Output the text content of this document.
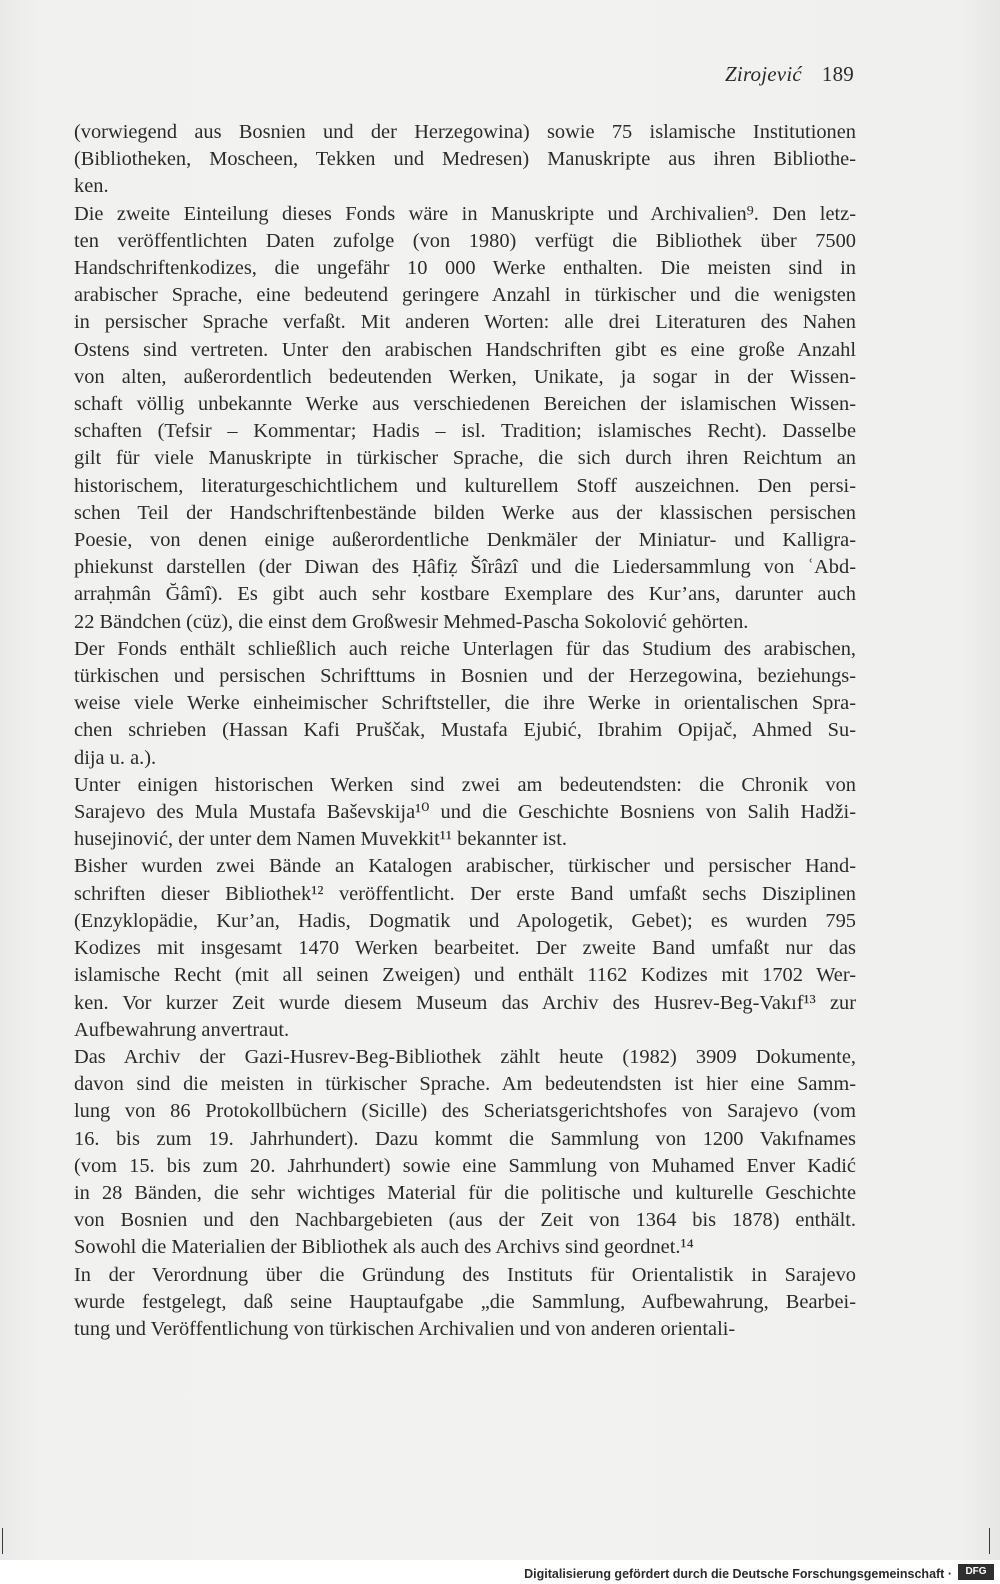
Zirojević 189
(vorwiegend aus Bosnien und der Herzegowina) sowie 75 islamische Institutionen
(Bibliotheken, Moscheen, Tekken und Medresen) Manuskripte aus ihren Bibliothe-
ken.
Die zweite Einteilung dieses Fonds wäre in Manuskripte und Archivalien⁹. Den letz-
ten veröffentlichten Daten zufolge (von 1980) verfügt die Bibliothek über 7500
Handschriftenkodizes, die ungefähr 10 000 Werke enthalten. Die meisten sind in
arabischer Sprache, eine bedeutend geringere Anzahl in türkischer und die wenigsten
in persischer Sprache verfaßt. Mit anderen Worten: alle drei Literaturen des Nahen
Ostens sind vertreten. Unter den arabischen Handschriften gibt es eine große Anzahl
von alten, außerordentlich bedeutenden Werken, Unikate, ja sogar in der Wissen-
schaft völlig unbekannte Werke aus verschiedenen Bereichen der islamischen Wissen-
schaften (Tefsir – Kommentar; Hadis – isl. Tradition; islamisches Recht). Dasselbe
gilt für viele Manuskripte in türkischer Sprache, die sich durch ihren Reichtum an
historischem, literaturgeschichtlichem und kulturellem Stoff auszeichnen. Den persi-
schen Teil der Handschriftenbestände bilden Werke aus der klassischen persischen
Poesie, von denen einige außerordentliche Denkmäler der Miniatur- und Kalligra-
phiekunst darstellen (der Diwan des Ḥâfiẓ Šîrâzî und die Liedersammlung von ʿAbd-
arraḥmân Ğâmî). Es gibt auch sehr kostbare Exemplare des Kur’ans, darunter auch
22 Bändchen (cüz), die einst dem Großwesir Mehmed-Pascha Sokolović gehörten.
Der Fonds enthält schließlich auch reiche Unterlagen für das Studium des arabischen,
türkischen und persischen Schrifttums in Bosnien und der Herzegowina, beziehungs-
weise viele Werke einheimischer Schriftsteller, die ihre Werke in orientalischen Spra-
chen schrieben (Hassan Kafi Pruščak, Mustafa Ejubić, Ibrahim Opijač, Ahmed Su-
dija u. a.).
Unter einigen historischen Werken sind zwei am bedeutendsten: die Chronik von
Sarajevo des Mula Mustafa Baševskija¹⁰ und die Geschichte Bosniens von Salih Hadži-
husejinović, der unter dem Namen Muvekkit¹¹ bekannter ist.
Bisher wurden zwei Bände an Katalogen arabischer, türkischer und persischer Hand-
schriften dieser Bibliothek¹² veröffentlicht. Der erste Band umfaßt sechs Disziplinen
(Enzyklopädie, Kur’an, Hadis, Dogmatik und Apologetik, Gebet); es wurden 795
Kodizes mit insgesamt 1470 Werken bearbeitet. Der zweite Band umfaßt nur das
islamische Recht (mit all seinen Zweigen) und enthält 1162 Kodizes mit 1702 Wer-
ken. Vor kurzer Zeit wurde diesem Museum das Archiv des Husrev-Beg-Vakıf¹³ zur
Aufbewahrung anvertraut.
Das Archiv der Gazi-Husrev-Beg-Bibliothek zählt heute (1982) 3909 Dokumente,
davon sind die meisten in türkischer Sprache. Am bedeutendsten ist hier eine Samm-
lung von 86 Protokollbüchern (Sicille) des Scheriatsgerichtshofes von Sarajevo (vom
16. bis zum 19. Jahrhundert). Dazu kommt die Sammlung von 1200 Vakıfnames
(vom 15. bis zum 20. Jahrhundert) sowie eine Sammlung von Muhamed Enver Kadić
in 28 Bänden, die sehr wichtiges Material für die politische und kulturelle Geschichte
von Bosnien und den Nachbargebieten (aus der Zeit von 1364 bis 1878) enthält.
Sowohl die Materialien der Bibliothek als auch des Archivs sind geordnet.¹⁴
In der Verordnung über die Gründung des Instituts für Orientalistik in Sarajevo
wurde festgelegt, daß seine Hauptaufgabe „die Sammlung, Aufbewahrung, Bearbei-
tung und Veröffentlichung von türkischen Archivalien und von anderen orientali-
Digitalisierung gefördert durch die Deutsche Forschungsgemeinschaft ·	DFG
